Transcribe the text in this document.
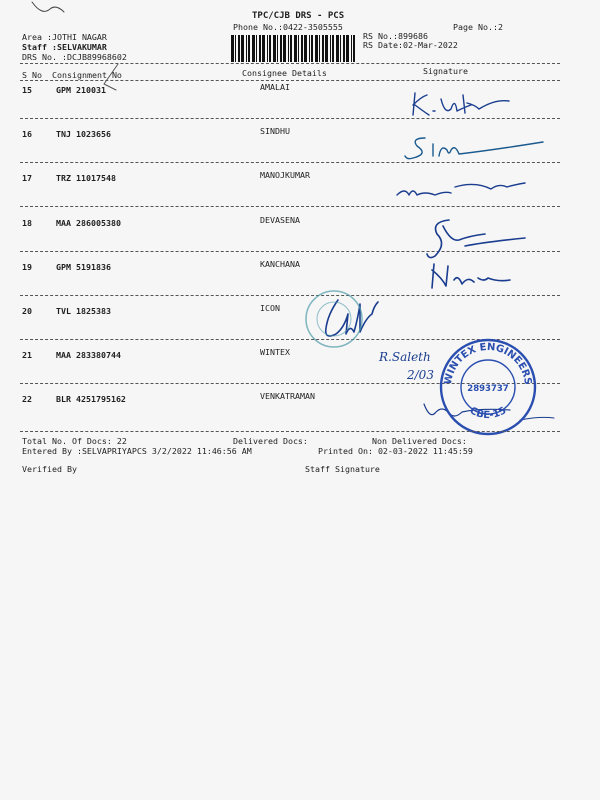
TPC/CJB DRS - PCS
Phone No.:0422-3505555	Page No.:2
Area :JOTHI NAGAR
Staff :SELVAKUMAR
DRS No. :DCJB89968602
RS No.:899686
RS Date:02-Mar-2022
S No Consignment No	Consignee Details	Signature
15	GPM 210031	AMALAI
16	TNJ 1023656	SINDHU
17	TRZ 11017548	MANOJKUMAR
18	MAA 286005380	DEVASENA
19	GPM 5191836	KANCHANA
20	TVL 1825383	ICON
21	MAA 283380744	WINTEX
22	BLR 4251795162	VENKATRAMAN
R.Saleth
2/03 WINTEX ENGINEERS
2893737
CBE-15
Total No. Of Docs: 22	Delivered Docs:	Non Delivered Docs:
Entered By :SELVAPRIYAPCS 3/2/2022 11:46:56 AM	Printed On: 02-03-2022 11:45:59
Verified By	Staff Signature
